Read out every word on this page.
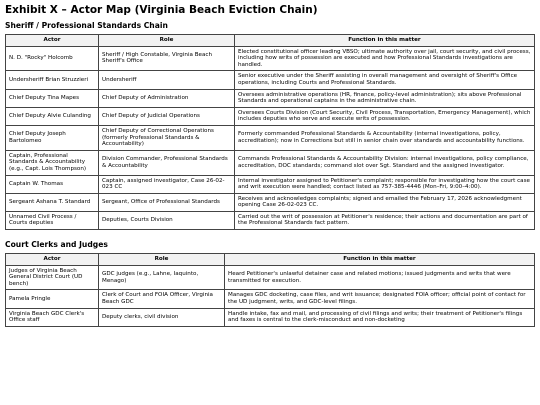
Exhibit X – Actor Map (Virginia Beach Eviction Chain)
Sheriff / Professional Standards Chain
Actor	Role	Function in this matter
N. D. "Rocky" Holcomb	Sheriff / High Constable, Virginia Beach Sheriff's Office	Elected constitutional officer leading VBSO; ultimate authority over jail, court security, and civil process, including how writs of possession are executed and how Professional Standards investigations are handled.
Undersheriff Brian Struzzieri	Undersheriff	Senior executive under the Sheriff assisting in overall management and oversight of Sheriff's Office operations, including Courts and Professional Standards.
Chief Deputy Tina Mapes	Chief Deputy of Administration	Oversees administrative operations (HR, finance, policy-level administration); sits above Professional Standards and operational captains in the administrative chain.
Chief Deputy Alvie Culanding	Chief Deputy of Judicial Operations	Oversees Courts Division (Court Security, Civil Process, Transportation, Emergency Management), which includes deputies who serve and execute writs of possession.
Chief Deputy Joseph Bartolomeo	Chief Deputy of Correctional Operations (formerly Professional Standards & Accountability)	Formerly commanded Professional Standards & Accountability (internal investigations, policy, accreditation); now in Corrections but still in senior chain over standards and accountability functions.
Captain, Professional Standards & Accountability (e.g., Capt. Lois Thompson)	Division Commander, Professional Standards & Accountability	Commands Professional Standards & Accountability Division: internal investigations, policy compliance, accreditation, DOC standards; command slot over Sgt. Standard and the assigned investigator.
Captain W. Thomas	Captain, assigned investigator, Case 26-02-023 CC	Internal investigator assigned to Petitioner's complaint; responsible for investigating how the court case and writ execution were handled; contact listed as 757-385-4446 (Mon–Fri, 9:00–4:00).
Sergeant Ashana T. Standard	Sergeant, Office of Professional Standards	Receives and acknowledges complaints; signed and emailed the February 17, 2026 acknowledgment opening Case 26-02-023 CC.
Unnamed Civil Process / Courts deputies	Deputies, Courts Division	Carried out the writ of possession at Petitioner's residence; their actions and documentation are part of the Professional Standards fact pattern.
Court Clerks and Judges
Actor	Role	Function in this matter
Judges of Virginia Beach General District Court (UD bench)	GDC judges (e.g., Lahne, Iaquinto, Menago)	Heard Petitioner's unlawful detainer case and related motions; issued judgments and writs that were transmitted for execution.
Pamela Pringle	Clerk of Court and FOIA Officer, Virginia Beach GDC	Manages GDC docketing, case files, and writ issuance; designated FOIA officer; official point of contact for the UD judgment, writs, and GDC-level filings.
Virginia Beach GDC Clerk's Office staff	Deputy clerks, civil division	Handle intake, fax and mail, and processing of civil filings and writs; their treatment of Petitioner's filings and faxes is central to the clerk-misconduct and non-docketing
